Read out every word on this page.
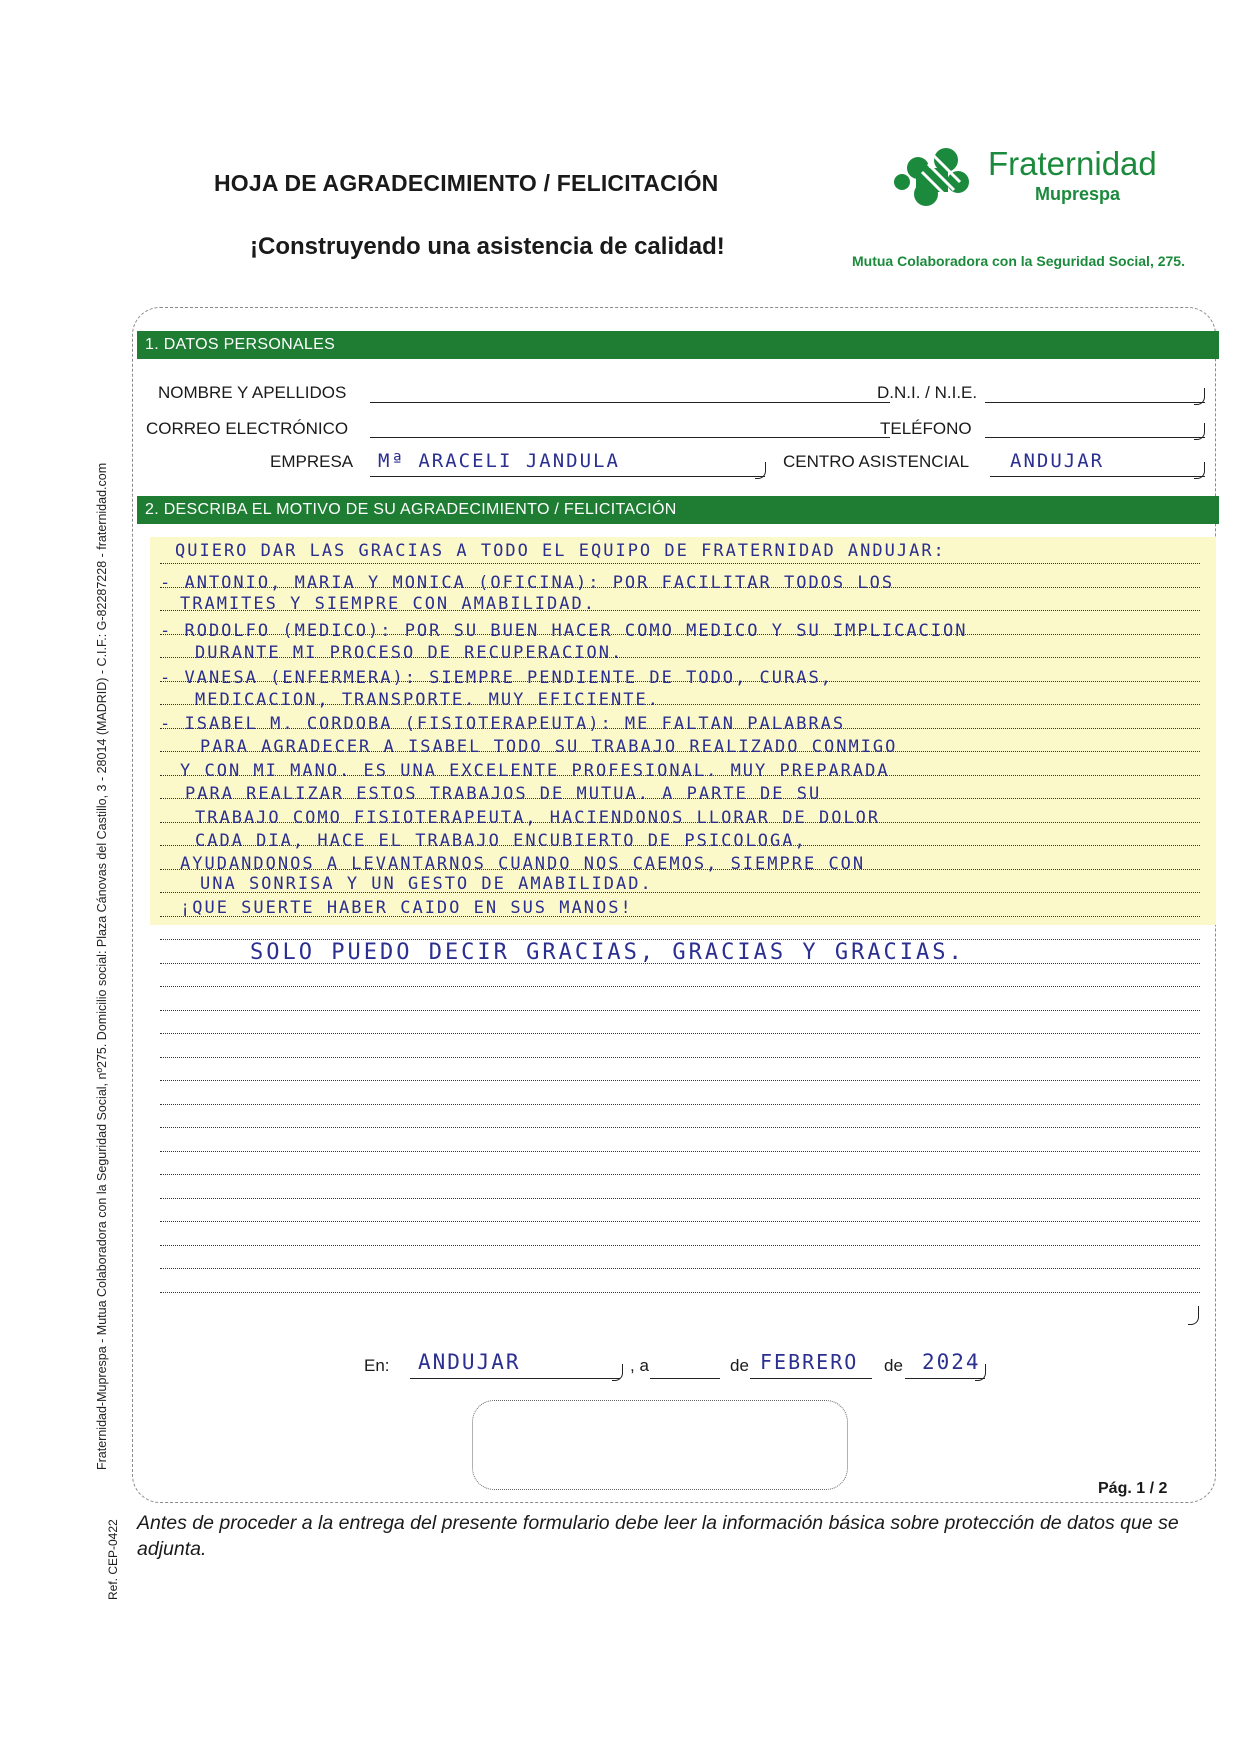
HOJA DE AGRADECIMIENTO / FELICITACIÓN
¡Construyendo una asistencia de calidad!
Fraternidad
Muprespa
Mutua Colaboradora con la Seguridad Social, 275.
Fraternidad-Muprespa - Mutua Colaboradora con la Seguridad Social, nº275. Domicilio social: Plaza Cánovas del Castillo, 3 - 28014 (MADRID) - C.I.F.: G-82287228 - fraternidad.com
Ref. CEP-0422
1. DATOS PERSONALES
NOMBRE Y APELLIDOS	D.N.I. / N.I.E.
CORREO ELECTRÓNICO	TELÉFONO
EMPRESA Mª ARACELI JANDULA	CENTRO ASISTENCIAL ANDUJAR
2. DESCRIBA EL MOTIVO DE SU AGRADECIMIENTO / FELICITACIÓN
QUIERO DAR LAS GRACIAS A TODO EL EQUIPO DE FRATERNIDAD ANDUJAR:
- ANTONIO, MARIA Y MONICA (OFICINA): POR FACILITAR TODOS LOS
TRAMITES Y SIEMPRE CON AMABILIDAD.
- RODOLFO (MEDICO): POR SU BUEN HACER COMO MEDICO Y SU IMPLICACION
DURANTE MI PROCESO DE RECUPERACION.
- VANESA (ENFERMERA): SIEMPRE PENDIENTE DE TODO, CURAS,
MEDICACION, TRANSPORTE. MUY EFICIENTE.
- ISABEL M. CORDOBA (FISIOTERAPEUTA): ME FALTAN PALABRAS
PARA AGRADECER A ISABEL TODO SU TRABAJO REALIZADO CONMIGO
Y CON MI MANO. ES UNA EXCELENTE PROFESIONAL. MUY PREPARADA
PARA REALIZAR ESTOS TRABAJOS DE MUTUA. A PARTE DE SU
TRABAJO COMO FISIOTERAPEUTA, HACIENDONOS LLORAR DE DOLOR
CADA DIA, HACE EL TRABAJO ENCUBIERTO DE PSICOLOGA,
AYUDANDONOS A LEVANTARNOS CUANDO NOS CAEMOS, SIEMPRE CON
UNA SONRISA Y UN GESTO DE AMABILIDAD.
¡QUE SUERTE HABER CAIDO EN SUS MANOS!
SOLO PUEDO DECIR GRACIAS, GRACIAS Y GRACIAS.
En: ANDUJAR	, a	de FEBRERO de 2024
Pág. 1 / 2
Antes de proceder a la entrega del presente formulario debe leer la información básica sobre protección de datos que se adjunta.
